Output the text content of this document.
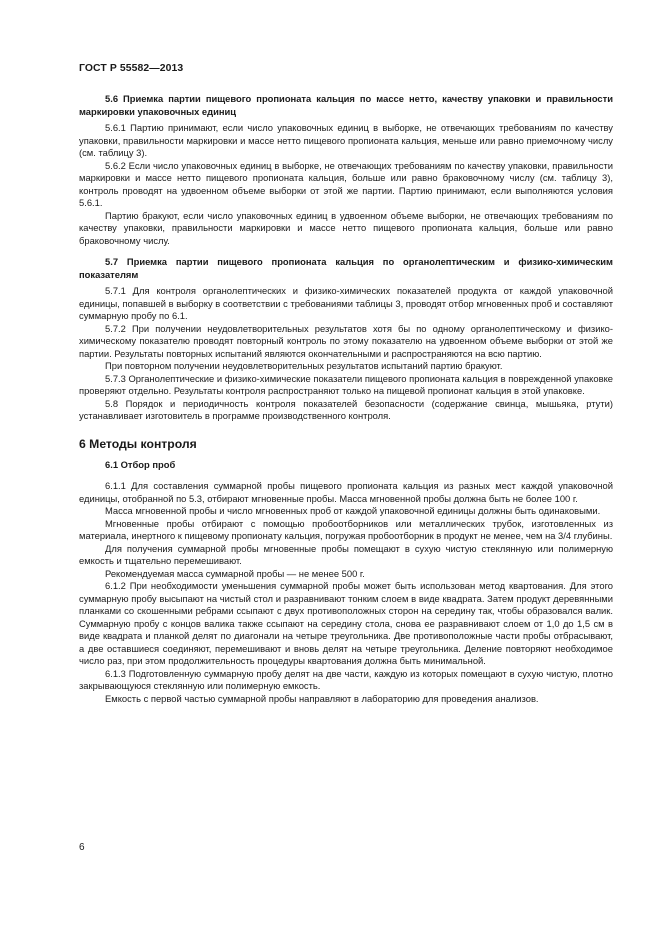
ГОСТ Р 55582—2013

5.6 Приемка партии пищевого пропионата кальция по массе нетто, качеству упаковки и правильности маркировки упаковочных единиц

5.6.1 Партию принимают, если число упаковочных единиц в выборке, не отвечающих требованиям по качеству упаковки, правильности маркировки и массе нетто пищевого пропионата кальция, меньше или равно приемочному числу (см. таблицу 3).

5.6.2 Если число упаковочных единиц в выборке, не отвечающих требованиям по качеству упаковки, правильности маркировки и массе нетто пищевого пропионата кальция, больше или равно браковочному числу (см. таблицу 3), контроль проводят на удвоенном объеме выборки от этой же партии. Партию принимают, если выполняются условия 5.6.1.

Партию бракуют, если число упаковочных единиц в удвоенном объеме выборки, не отвечающих требованиям по качеству упаковки, правильности маркировки и массе нетто пищевого пропионата кальция, больше или равно браковочному числу.

5.7 Приемка партии пищевого пропионата кальция по органолептическим и физико-химическим показателям

5.7.1 Для контроля органолептических и физико-химических показателей продукта от каждой упаковочной единицы, попавшей в выборку в соответствии с требованиями таблицы 3, проводят отбор мгновенных проб и составляют суммарную пробу по 6.1.

5.7.2 При получении неудовлетворительных результатов хотя бы по одному органолептическому и физико-химическому показателю проводят повторный контроль по этому показателю на удвоенном объеме выборки от этой же партии. Результаты повторных испытаний являются окончательными и распространяются на всю партию.

При повторном получении неудовлетворительных результатов испытаний партию бракуют.

5.7.3 Органолептические и физико-химические показатели пищевого пропионата кальция в поврежденной упаковке проверяют отдельно. Результаты контроля распространяют только на пищевой пропионат кальция в этой упаковке.

5.8 Порядок и периодичность контроля показателей безопасности (содержание свинца, мышьяка, ртути) устанавливает изготовитель в программе производственного контроля.

6 Методы контроля

6.1 Отбор проб

6.1.1 Для составления суммарной пробы пищевого пропионата кальция из разных мест каждой упаковочной единицы, отобранной по 5.3, отбирают мгновенные пробы. Масса мгновенной пробы должна быть не более 100 г.

Масса мгновенной пробы и число мгновенных проб от каждой упаковочной единицы должны быть одинаковыми.

Мгновенные пробы отбирают с помощью пробоотборников или металлических трубок, изготовленных из материала, инертного к пищевому пропионату кальция, погружая пробоотборник в продукт не менее, чем на 3/4 глубины.

Для получения суммарной пробы мгновенные пробы помещают в сухую чистую стеклянную или полимерную емкость и тщательно перемешивают.

Рекомендуемая масса суммарной пробы — не менее 500 г.

6.1.2 При необходимости уменьшения суммарной пробы может быть использован метод квартования. Для этого суммарную пробу высыпают на чистый стол и разравнивают тонким слоем в виде квадрата. Затем продукт деревянными планками со скошенными ребрами ссыпают с двух противоположных сторон на середину так, чтобы образовался валик. Суммарную пробу с концов валика также ссыпают на середину стола, снова ее разравнивают слоем от 1,0 до 1,5 см в виде квадрата и планкой делят по диагонали на четыре треугольника. Две противоположные части пробы отбрасывают, а две оставшиеся соединяют, перемешивают и вновь делят на четыре треугольника. Деление повторяют необходимое число раз, при этом продолжительность процедуры квартования должна быть минимальной.

6.1.3 Подготовленную суммарную пробу делят на две части, каждую из которых помещают в сухую чистую, плотно закрывающуюся стеклянную или полимерную емкость.

Емкость с первой частью суммарной пробы направляют в лабораторию для проведения анализов.

6
